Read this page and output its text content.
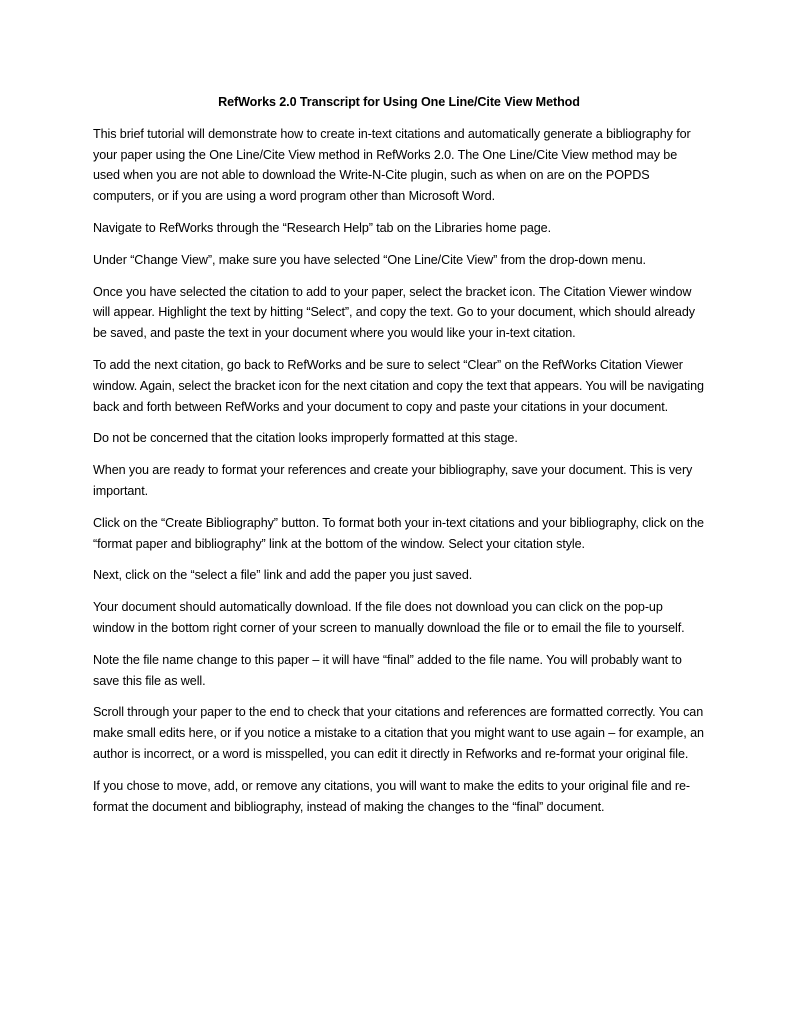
RefWorks 2.0 Transcript for Using One Line/Cite View Method

This brief tutorial will demonstrate how to create in-text citations and automatically generate a bibliography for your paper using the One Line/Cite View method in RefWorks 2.0. The One Line/Cite View method may be used when you are not able to download the Write-N-Cite plugin, such as when on are on the POPDS computers, or if you are using a word program other than Microsoft Word.

Navigate to RefWorks through the “Research Help” tab on the Libraries home page.

Under “Change View”, make sure you have selected “One Line/Cite View” from the drop-down menu.

Once you have selected the citation to add to your paper, select the bracket icon. The Citation Viewer window will appear. Highlight the text by hitting “Select”, and copy the text. Go to your document, which should already be saved, and paste the text in your document where you would like your in-text citation.

To add the next citation, go back to RefWorks and be sure to select “Clear” on the RefWorks Citation Viewer window. Again, select the bracket icon for the next citation and copy the text that appears. You will be navigating back and forth between RefWorks and your document to copy and paste your citations in your document.

Do not be concerned that the citation looks improperly formatted at this stage.

When you are ready to format your references and create your bibliography, save your document. This is very important.

Click on the “Create Bibliography” button. To format both your in-text citations and your bibliography, click on the “format paper and bibliography” link at the bottom of the window. Select your citation style.

Next, click on the “select a file” link and add the paper you just saved.

Your document should automatically download. If the file does not download you can click on the pop-up window in the bottom right corner of your screen to manually download the file or to email the file to yourself.

Note the file name change to this paper – it will have “final” added to the file name. You will probably want to save this file as well.

Scroll through your paper to the end to check that your citations and references are formatted correctly. You can make small edits here, or if you notice a mistake to a citation that you might want to use again – for example, an author is incorrect, or a word is misspelled, you can edit it directly in Refworks and re-format your original file.

If you chose to move, add, or remove any citations, you will want to make the edits to your original file and re-format the document and bibliography, instead of making the changes to the “final” document.
